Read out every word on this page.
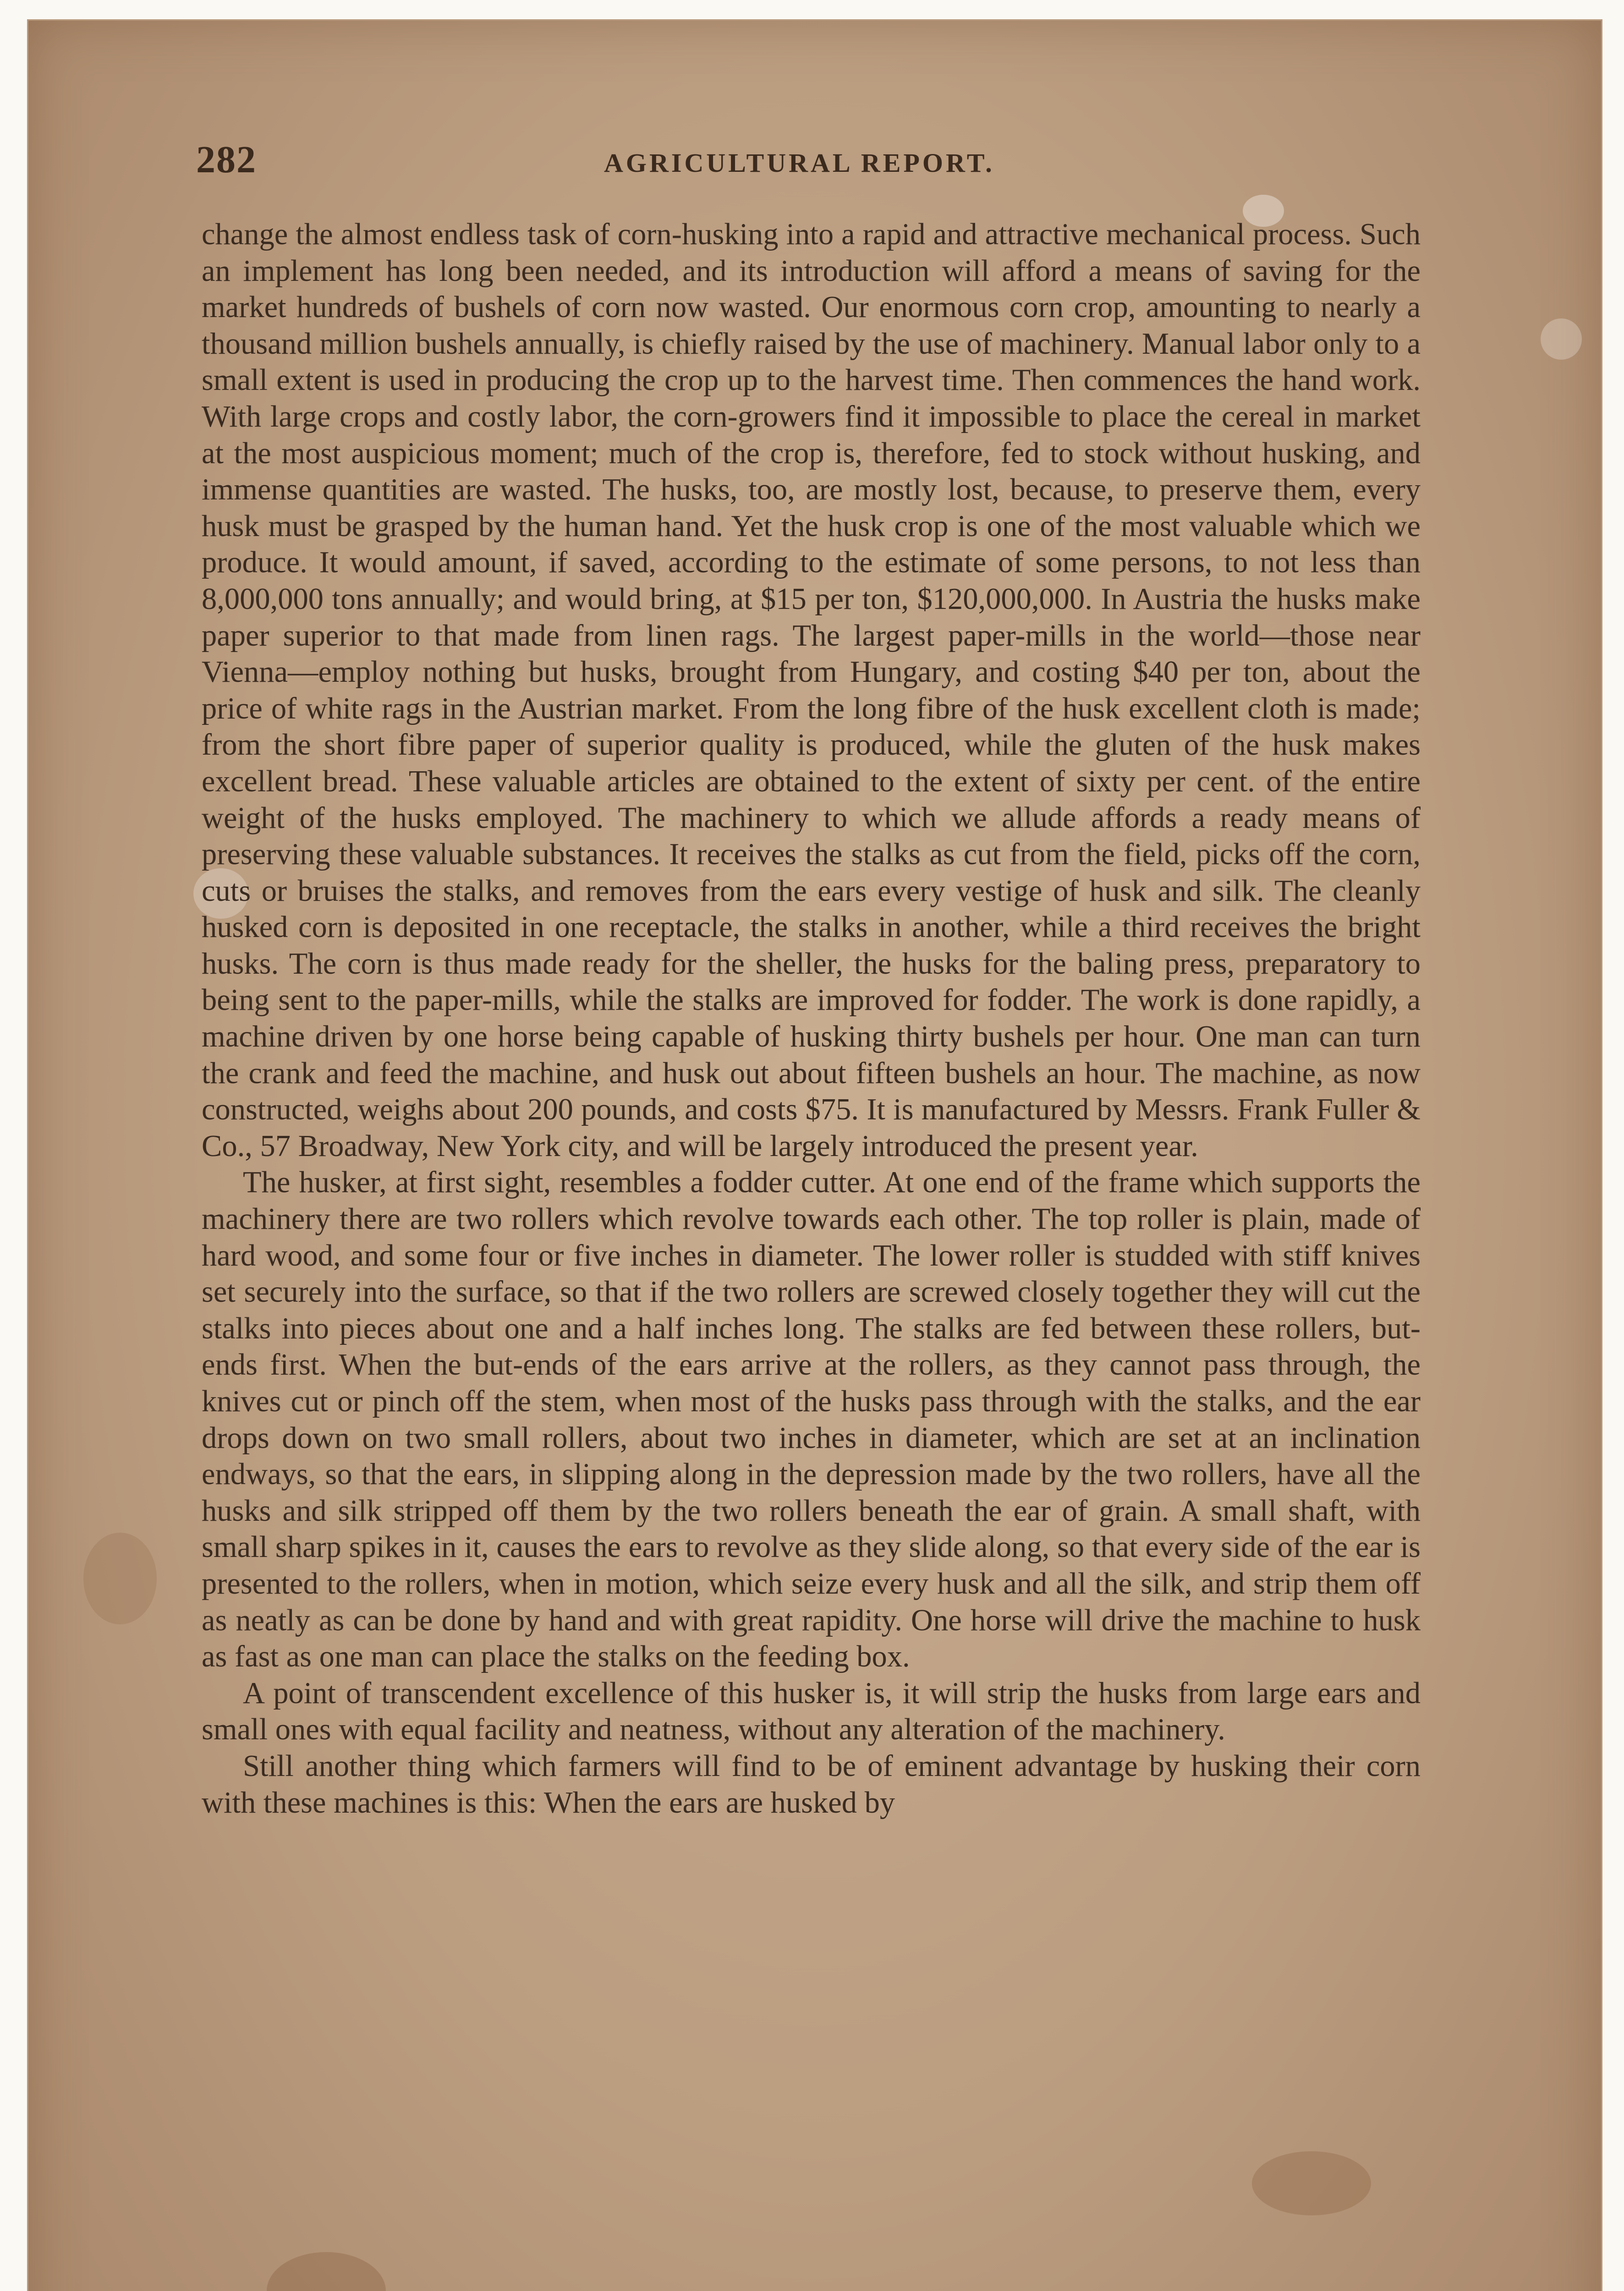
282	AGRICULTURAL REPORT.

change the almost endless task of corn-husking into a rapid and attractive mechanical process. Such an implement has long been needed, and its introduction will afford a means of saving for the market hundreds of bushels of corn now wasted. Our enormous corn crop, amounting to nearly a thousand million bushels annually, is chiefly raised by the use of machinery. Manual labor only to a small extent is used in producing the crop up to the harvest time. Then commences the hand work. With large crops and costly labor, the corn-growers find it impossible to place the cereal in market at the most auspicious moment; much of the crop is, therefore, fed to stock without husking, and immense quantities are wasted. The husks, too, are mostly lost, because, to preserve them, every husk must be grasped by the human hand. Yet the husk crop is one of the most valuable which we produce. It would amount, if saved, according to the estimate of some persons, to not less than 8,000,000 tons annually; and would bring, at $15 per ton, $120,000,000. In Austria the husks make paper superior to that made from linen rags. The largest paper-mills in the world—those near Vienna—employ nothing but husks, brought from Hungary, and costing $40 per ton, about the price of white rags in the Austrian market. From the long fibre of the husk excellent cloth is made; from the short fibre paper of superior quality is produced, while the gluten of the husk makes excellent bread. These valuable articles are obtained to the extent of sixty per cent. of the entire weight of the husks employed. The machinery to which we allude affords a ready means of preserving these valuable substances. It receives the stalks as cut from the field, picks off the corn, cuts or bruises the stalks, and removes from the ears every vestige of husk and silk. The cleanly husked corn is deposited in one receptacle, the stalks in another, while a third receives the bright husks. The corn is thus made ready for the sheller, the husks for the baling press, preparatory to being sent to the paper-mills, while the stalks are improved for fodder. The work is done rapidly, a machine driven by one horse being capable of husking thirty bushels per hour. One man can turn the crank and feed the machine, and husk out about fifteen bushels an hour. The machine, as now constructed, weighs about 200 pounds, and costs $75. It is manufactured by Messrs. Frank Fuller & Co., 57 Broadway, New York city, and will be largely introduced the present year.

The husker, at first sight, resembles a fodder cutter. At one end of the frame which supports the machinery there are two rollers which revolve towards each other. The top roller is plain, made of hard wood, and some four or five inches in diameter. The lower roller is studded with stiff knives set securely into the surface, so that if the two rollers are screwed closely together they will cut the stalks into pieces about one and a half inches long. The stalks are fed between these rollers, but-ends first. When the but-ends of the ears arrive at the rollers, as they cannot pass through, the knives cut or pinch off the stem, when most of the husks pass through with the stalks, and the ear drops down on two small rollers, about two inches in diameter, which are set at an inclination endways, so that the ears, in slipping along in the depression made by the two rollers, have all the husks and silk stripped off them by the two rollers beneath the ear of grain. A small shaft, with small sharp spikes in it, causes the ears to revolve as they slide along, so that every side of the ear is presented to the rollers, when in motion, which seize every husk and all the silk, and strip them off as neatly as can be done by hand and with great rapidity. One horse will drive the machine to husk as fast as one man can place the stalks on the feeding box.

A point of transcendent excellence of this husker is, it will strip the husks from large ears and small ones with equal facility and neatness, without any alteration of the machinery.

Still another thing which farmers will find to be of eminent advantage by husking their corn with these machines is this: When the ears are husked by
